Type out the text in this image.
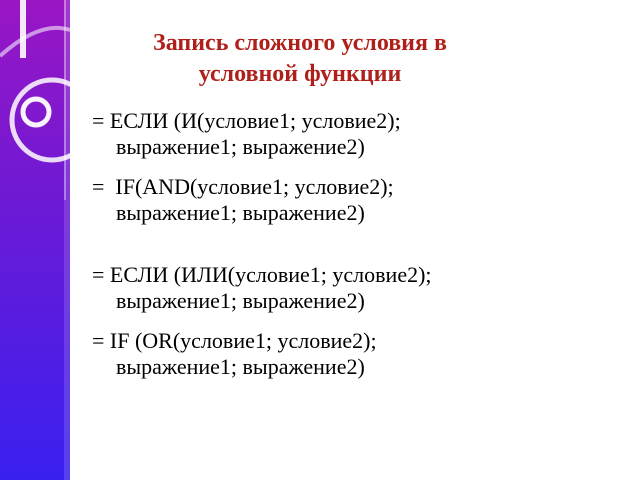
Запись сложного условия в
условной функции

= ЕСЛИ (И(условие1; условие2);
выражение1; выражение2)

=  IF(AND(условие1; условие2);
выражение1; выражение2)

= ЕСЛИ (ИЛИ(условие1; условие2);
выражение1; выражение2)

= IF (OR(условие1; условие2);
выражение1; выражение2)
